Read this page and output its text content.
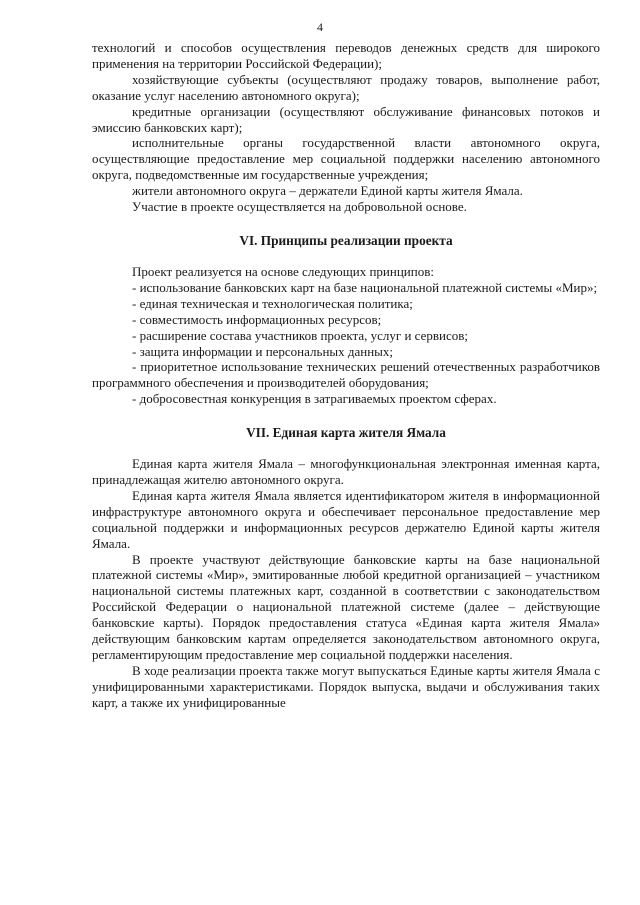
4

технологий и способов осуществления переводов денежных средств для широкого применения на территории Российской Федерации);

хозяйствующие субъекты (осуществляют продажу товаров, выполнение работ, оказание услуг населению автономного округа);

кредитные организации (осуществляют обслуживание финансовых потоков и эмиссию банковских карт);

исполнительные органы государственной власти автономного округа, осуществляющие предоставление мер социальной поддержки населению автономного округа, подведомственные им государственные учреждения;

жители автономного округа – держатели Единой карты жителя Ямала.

Участие в проекте осуществляется на добровольной основе.

VI. Принципы реализации проекта

Проект реализуется на основе следующих принципов:

- использование банковских карт на базе национальной платежной системы «Мир»;

- единая техническая и технологическая политика;

- совместимость информационных ресурсов;

- расширение состава участников проекта, услуг и сервисов;

- защита информации и персональных данных;

- приоритетное использование технических решений отечественных разработчиков программного обеспечения и производителей оборудования;

- добросовестная конкуренция в затрагиваемых проектом сферах.

VII. Единая карта жителя Ямала

Единая карта жителя Ямала – многофункциональная электронная именная карта, принадлежащая жителю автономного округа.

Единая карта жителя Ямала является идентификатором жителя в информационной инфраструктуре автономного округа и обеспечивает персональное предоставление мер социальной поддержки и информационных ресурсов держателю Единой карты жителя Ямала.

В проекте участвуют действующие банковские карты на базе национальной платежной системы «Мир», эмитированные любой кредитной организацией – участником национальной системы платежных карт, созданной в соответствии с законодательством Российской Федерации о национальной платежной системе (далее – действующие банковские карты). Порядок предоставления статуса «Единая карта жителя Ямала» действующим банковским картам определяется законодательством автономного округа, регламентирующим предоставление мер социальной поддержки населения.

В ходе реализации проекта также могут выпускаться Единые карты жителя Ямала с унифицированными характеристиками. Порядок выпуска, выдачи и обслуживания таких карт, а также их унифицированные
